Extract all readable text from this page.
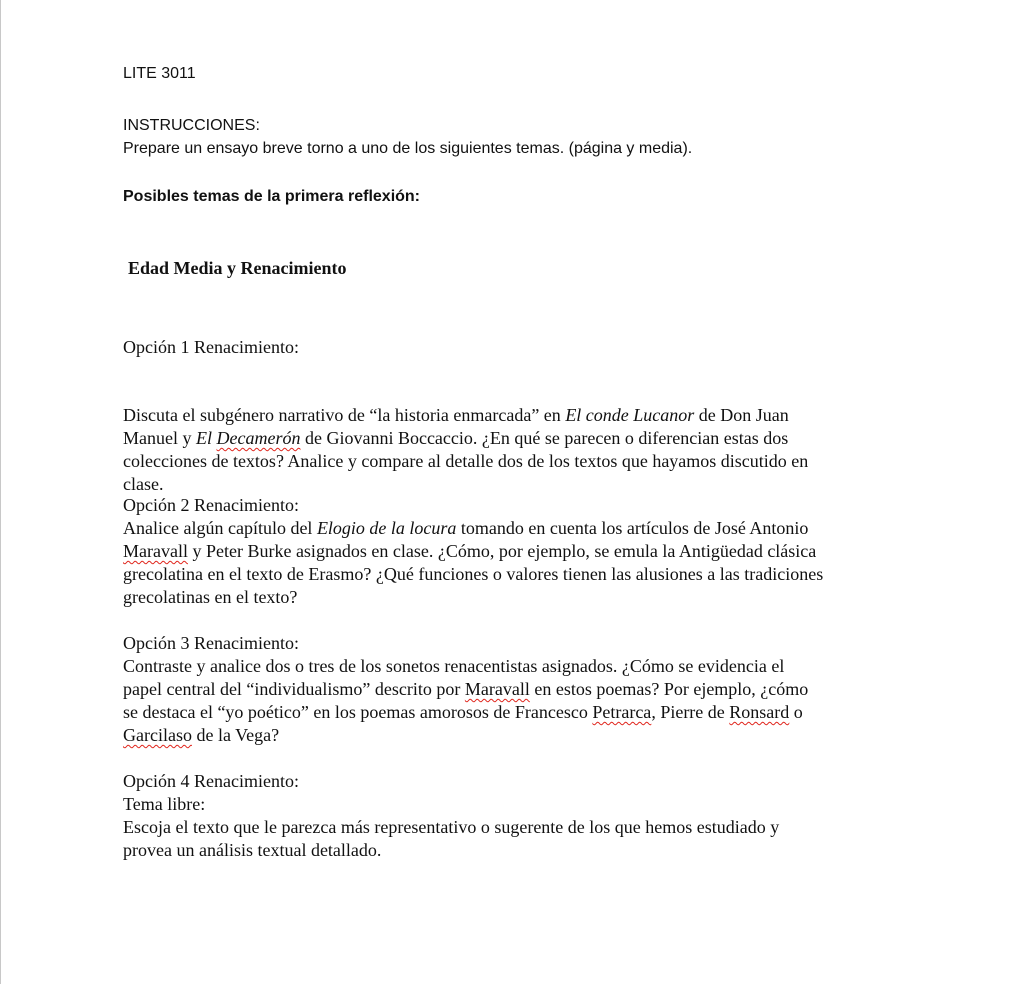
LITE 3011

INSTRUCCIONES:

Prepare un ensayo breve torno a uno de los siguientes temas. (página y media).

Posibles temas de la primera reflexión:

Edad Media y Renacimiento

Opción 1 Renacimiento:
Discuta el subgénero narrativo de “la historia enmarcada” en El conde Lucanor de Don Juan
Manuel y El Decamerón de Giovanni Boccaccio. ¿En qué se parecen o diferencian estas dos
colecciones de textos? Analice y compare al detalle dos de los textos que hayamos discutido en
clase.
Opción 2 Renacimiento:
Analice algún capítulo del Elogio de la locura tomando en cuenta los artículos de José Antonio
Maravall y Peter Burke asignados en clase. ¿Cómo, por ejemplo, se emula la Antigüedad clásica
grecolatina en el texto de Erasmo? ¿Qué funciones o valores tienen las alusiones a las tradiciones
grecolatinas en el texto?
Opción 3 Renacimiento:
Contraste y analice dos o tres de los sonetos renacentistas asignados. ¿Cómo se evidencia el
papel central del “individualismo” descrito por Maravall en estos poemas? Por ejemplo, ¿cómo
se destaca el “yo poético” en los poemas amorosos de Francesco Petrarca, Pierre de Ronsard o
Garcilaso de la Vega?
Opción 4 Renacimiento:
Tema libre:
Escoja el texto que le parezca más representativo o sugerente de los que hemos estudiado y
provea un análisis textual detallado.
